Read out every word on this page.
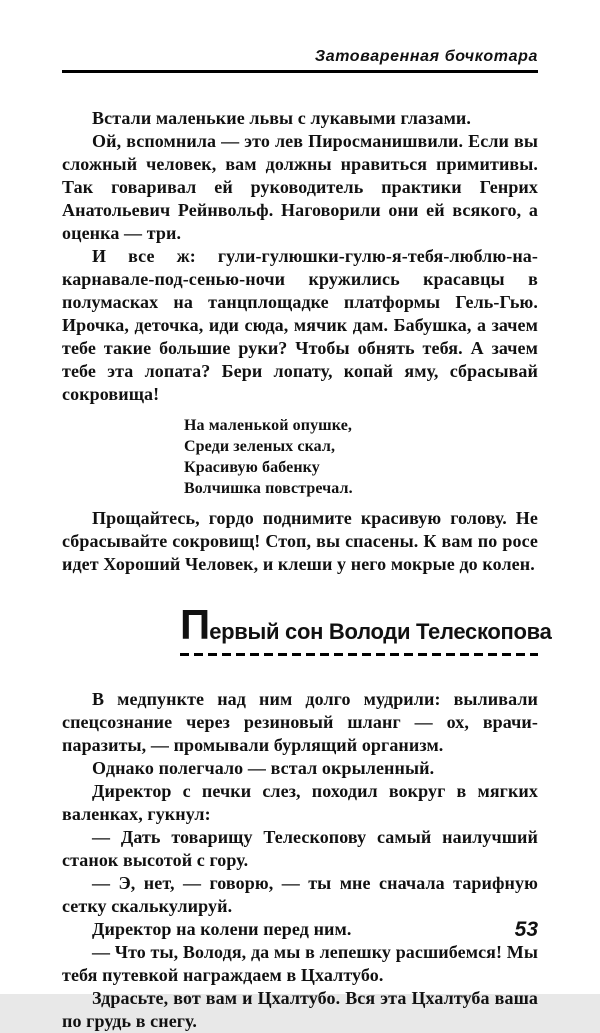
Затоваренная бочкотара

Встали маленькие львы с лукавыми глазами.

Ой, вспомнила — это лев Пиросманишвили. Если вы сложный человек, вам должны нравиться примитивы. Так говаривал ей руководитель практики Генрих Анатольевич Рейнвольф. Наговорили они ей всякого, а оценка — три.

И все ж: гули-гулюшки-гулю-я-тебя-люблю-на-карнавале-под-сенью-ночи кружились красавцы в полумасках на танцплощадке платформы Гель-Гью. Ирочка, деточка, иди сюда, мячик дам. Бабушка, а зачем тебе такие большие руки? Чтобы обнять тебя. А зачем тебе эта лопата? Бери лопату, копай яму, сбрасывай сокровища!

На маленькой опушке,
Среди зеленых скал,
Красивую бабенку
Волчишка повстречал.

Прощайтесь, гордо поднимите красивую голову. Не сбрасывайте сокровищ! Стоп, вы спасены. К вам по росе идет Хороший Человек, и клеши у него мокрые до колен.

Первый сон Володи Телескопова

В медпункте над ним долго мудрили: выливали спецсознание через резиновый шланг — ох, врачи-паразиты, — промывали бурлящий организм.

Однако полегчало — встал окрыленный.

Директор с печки слез, походил вокруг в мягких валенках, гукнул:

— Дать товарищу Телескопову самый наилучший станок высотой с гору.

— Э, нет, — говорю, — ты мне сначала тарифную сетку скалькулируй.

Директор на колени перед ним.

— Что ты, Володя, да мы в лепешку расшибемся! Мы тебя путевкой награждаем в Цхалтубо.

Здрасьте, вот вам и Цхалтубо. Вся эта Цхалтуба ваша по грудь в снегу.

53
